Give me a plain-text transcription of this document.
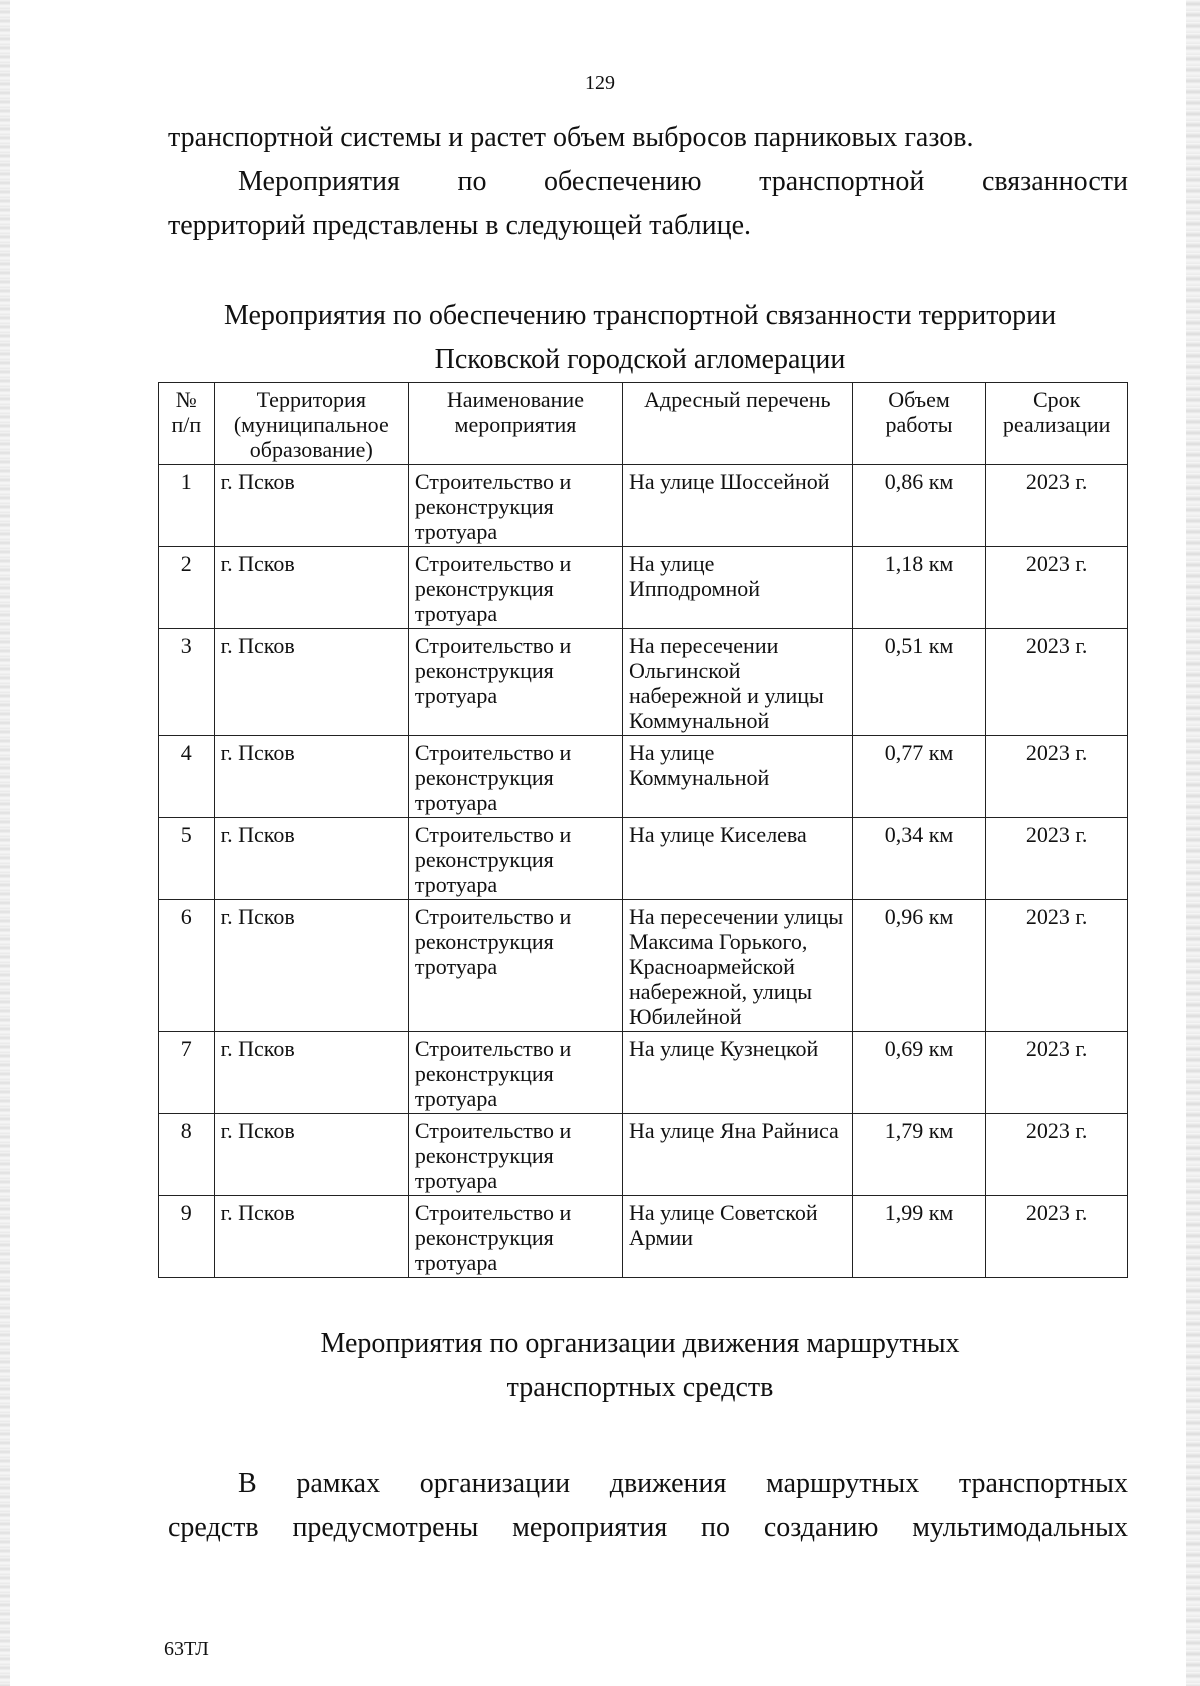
129
транспортной системы и растет объем выбросов парниковых газов.
Мероприятия по обеспечению транспортной связанности
территорий представлены в следующей таблице.
Мероприятия по обеспечению транспортной связанности территории
Псковской городской агломерации
№ п/п	Территория (муниципальное образование)	Наименование мероприятия	Адресный перечень	Объем работы	Срок реализации
1	г. Псков	Строительство и реконструкция тротуара	На улице Шоссейной	0,86 км	2023 г.
2	г. Псков	Строительство и реконструкция тротуара	На улице Ипподромной	1,18 км	2023 г.
3	г. Псков	Строительство и реконструкция тротуара	На пересечении Ольгинской набережной и улицы Коммунальной	0,51 км	2023 г.
4	г. Псков	Строительство и реконструкция тротуара	На улице Коммунальной	0,77 км	2023 г.
5	г. Псков	Строительство и реконструкция тротуара	На улице Киселева	0,34 км	2023 г.
6	г. Псков	Строительство и реконструкция тротуара	На пересечении улицы Максима Горького, Красноармейской набережной, улицы Юбилейной	0,96 км	2023 г.
7	г. Псков	Строительство и реконструкция тротуара	На улице Кузнецкой	0,69 км	2023 г.
8	г. Псков	Строительство и реконструкция тротуара	На улице Яна Райниса	1,79 км	2023 г.
9	г. Псков	Строительство и реконструкция тротуара	На улице Советской Армии	1,99 км	2023 г.
Мероприятия по организации движения маршрутных
транспортных средств
В рамках организации движения маршрутных транспортных
средств предусмотрены мероприятия по созданию мультимодальных
63ТЛ
